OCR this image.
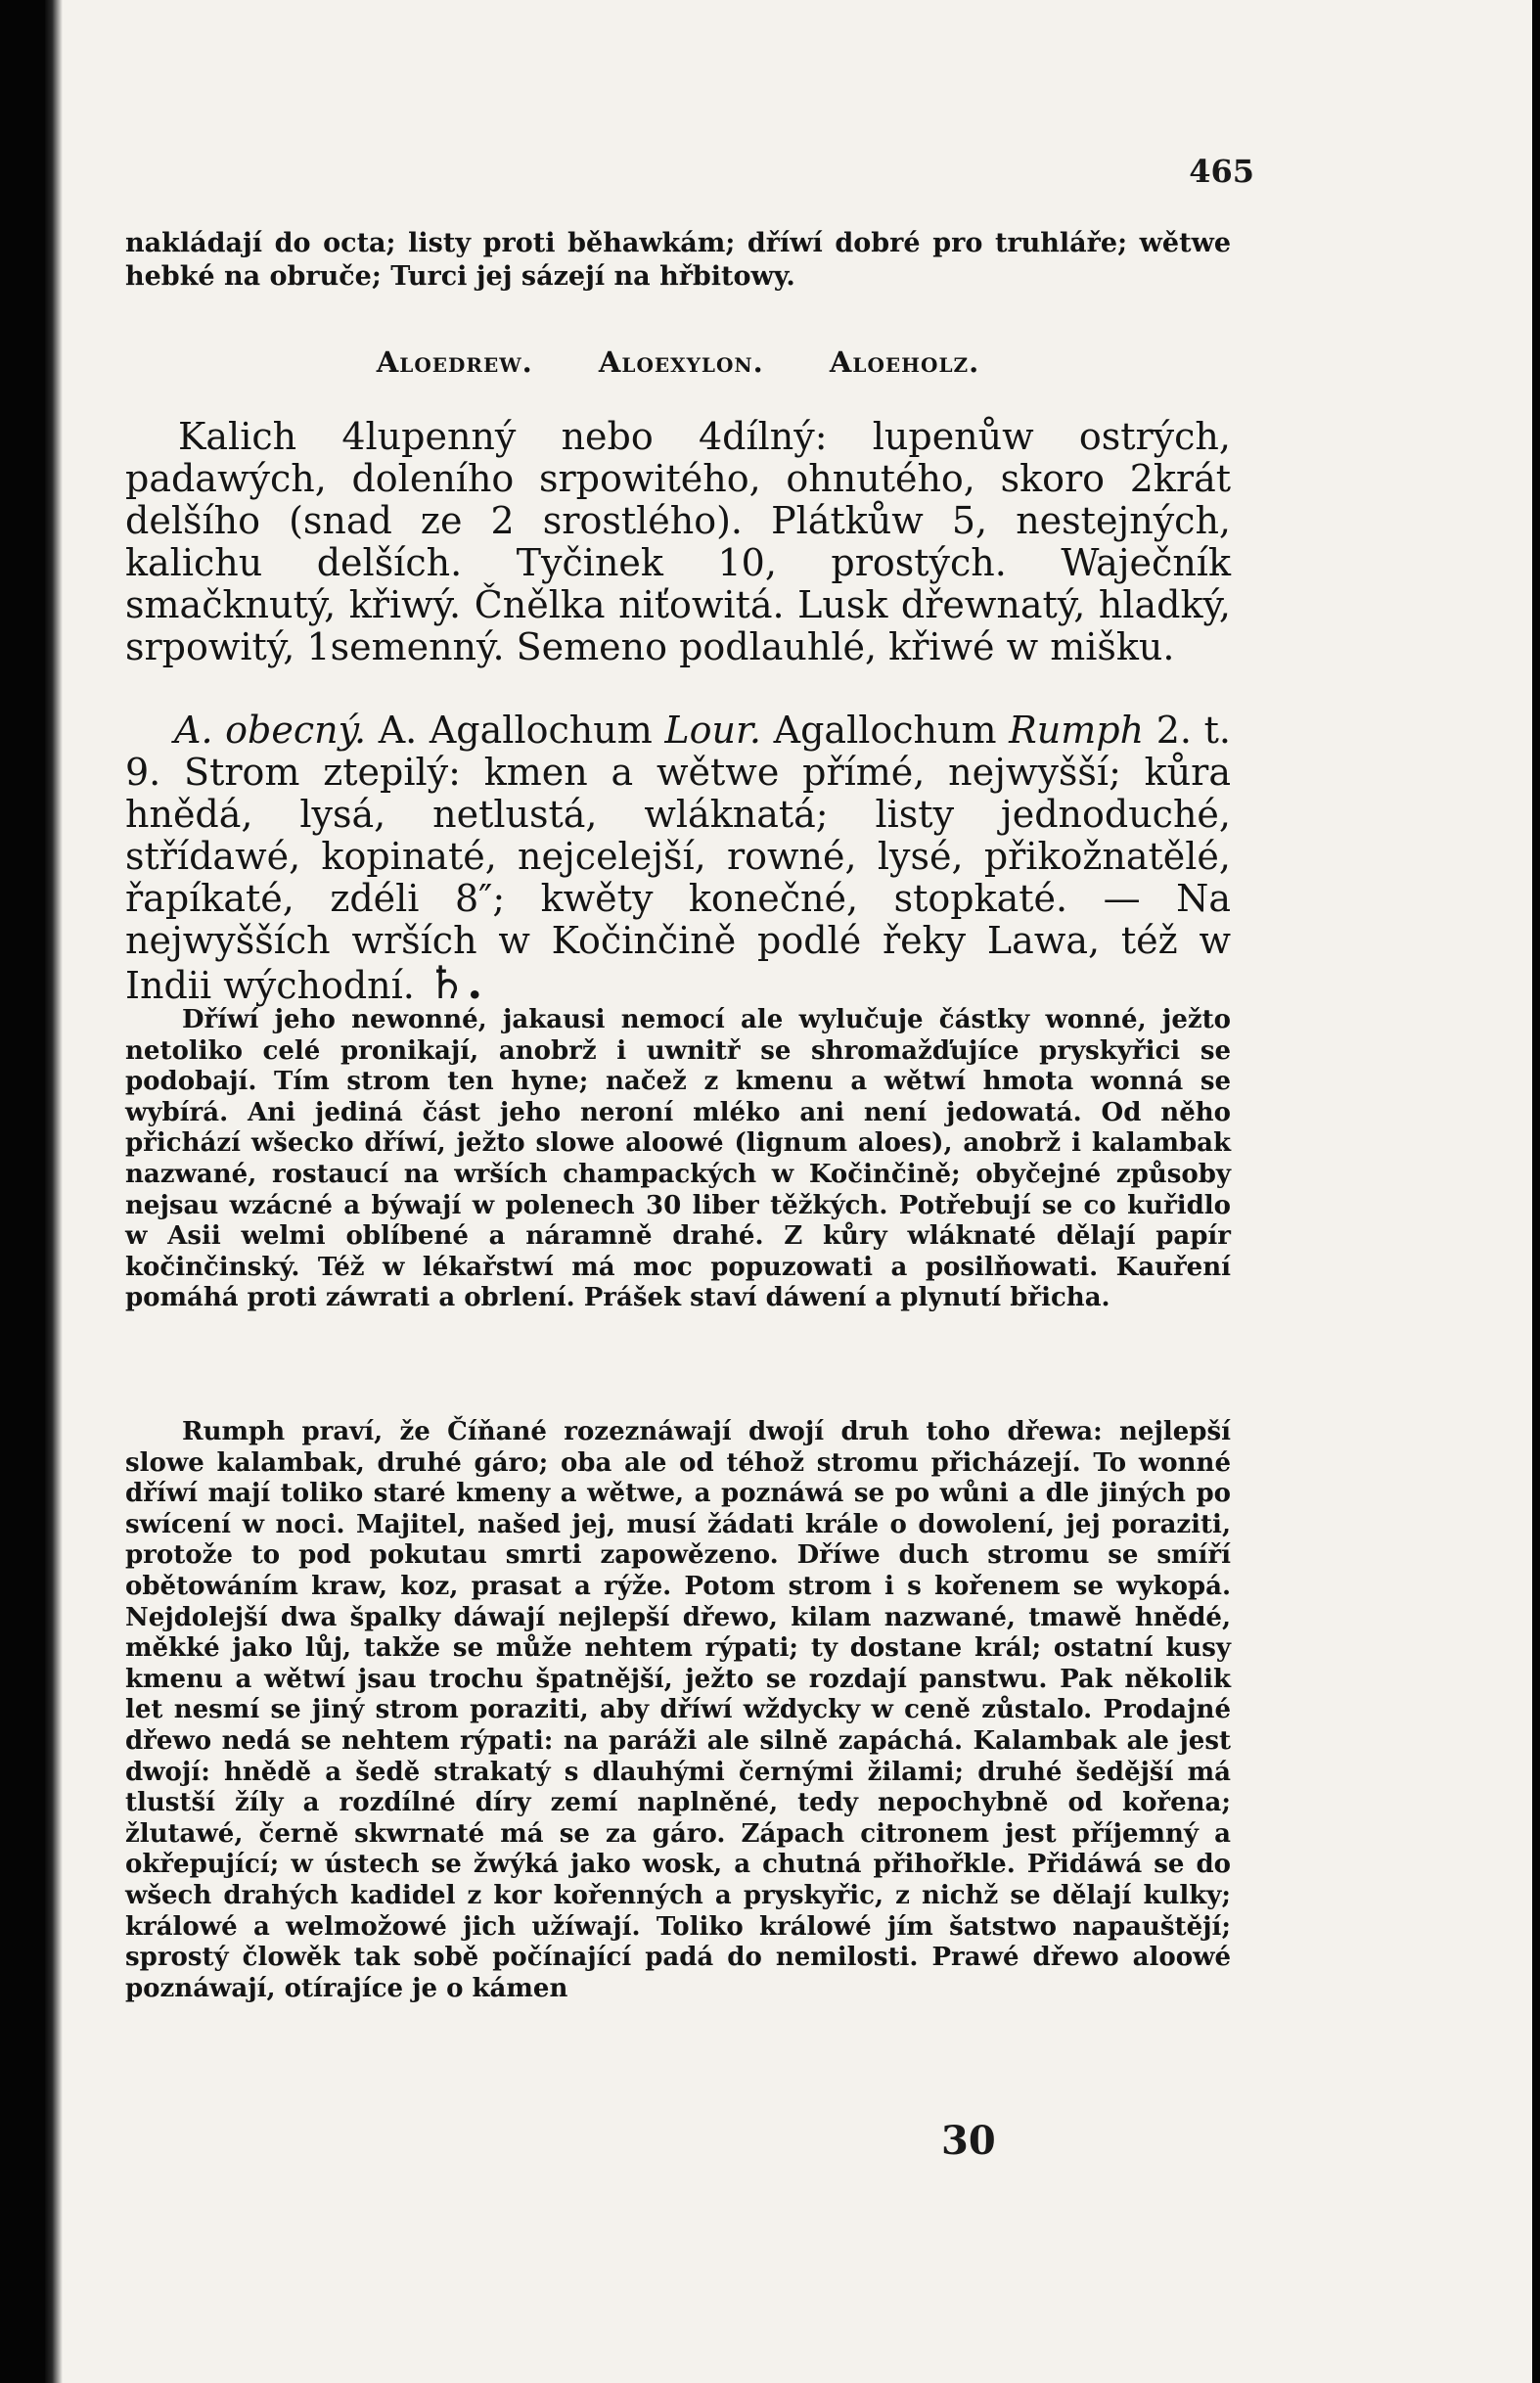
465

nakládají do octa; listy proti běhawkám; dříwí dobré pro truhláře; wětwe hebké na obruče; Turci jej sázejí na hřbitowy.

Aloedrew. Aloexylon. Aloeholz.

Kalich 4lupenný nebo 4dílný: lupenůw ostrých, padawých, doleního srpowitého, ohnutého, skoro 2krát delšího (snad ze 2 srostlého). Plátkůw 5, nestejných, kalichu delších. Tyčinek 10, prostých. Waječník smačknutý, křiwý. Čnělka niťowitá. Lusk dřewnatý, hladký, srpowitý, 1semenný. Semeno podlauhlé, křiwé w mišku.

A. obecný. A. Agallochum Lour. Agallochum Rumph 2. t. 9. Strom ztepilý: kmen a wětwe přímé, nejwyšší; kůra hnědá, lysá, netlustá, wláknatá; listy jednoduché, střídawé, kopinaté, nejcelejší, rowné, lysé, přikožnatělé, řapíkaté, zdéli 8″; kwěty konečné, stopkaté. — Na nejwyšších wrších w Kočinčině podlé řeky Lawa, též w Indii wýchodní. ♄.

Dříwí jeho newonné, jakausi nemocí ale wylučuje částky wonné, ježto netoliko celé pronikají, anobrž i uwnitř se shromažďujíce pryskyřici se podobají. Tím strom ten hyne; načež z kmenu a wětwí hmota wonná se wybírá. Ani jediná část jeho neroní mléko ani není jedowatá. Od něho přichází wšecko dříwí, ježto slowe aloowé (lignum aloes), anobrž i kalambak nazwané, rostaucí na wrších champackých w Kočinčině; obyčejné způsoby nejsau wzácné a býwají w polenech 30 liber těžkých. Potřebují se co kuřidlo w Asii welmi oblíbené a náramně drahé. Z kůry wláknaté dělají papír kočinčinský. Též w lékařstwí má moc popuzowati a posilňowati. Kauření pomáhá proti záwrati a obrlení. Prášek staví dáwení a plynutí břicha.

Rumph praví, že Číňané rozeznáwají dwojí druh toho dřewa: nejlepší slowe kalambak, druhé gáro; oba ale od téhož stromu přicházejí. To wonné dříwí mají toliko staré kmeny a wětwe, a poznáwá se po wůni a dle jiných po swícení w noci. Majitel, našed jej, musí žádati krále o dowolení, jej poraziti, protože to pod pokutau smrti zapowězeno. Dříwe duch stromu se smíří obětowáním kraw, koz, prasat a rýže. Potom strom i s kořenem se wykopá. Nejdolejší dwa špalky dáwají nejlepší dřewo, kilam nazwané, tmawě hnědé, měkké jako lůj, takže se může nehtem rýpati; ty dostane král; ostatní kusy kmenu a wětwí jsau trochu špatnější, ježto se rozdají panstwu. Pak několik let nesmí se jiný strom poraziti, aby dříwí wždycky w ceně zůstalo. Prodajné dřewo nedá se nehtem rýpati: na paráži ale silně zapáchá. Kalambak ale jest dwojí: hnědě a šedě strakatý s dlauhými černými žilami; druhé šedější má tlustší žíly a rozdílné díry zemí naplněné, tedy nepochybně od kořena; žlutawé, černě skwrnaté má se za gáro. Zápach citronem jest příjemný a okřepující; w ústech se žwýká jako wosk, a chutná přihořkle. Přidáwá se do wšech drahých kadidel z kor kořenných a pryskyřic, z nichž se dělají kulky; králowé a welmožowé jich užíwají. Toliko králowé jím šatstwo napauštějí; sprostý člowěk tak sobě počínající padá do nemilosti. Prawé dřewo aloowé poznáwají, otírajíce je o kámen

30
